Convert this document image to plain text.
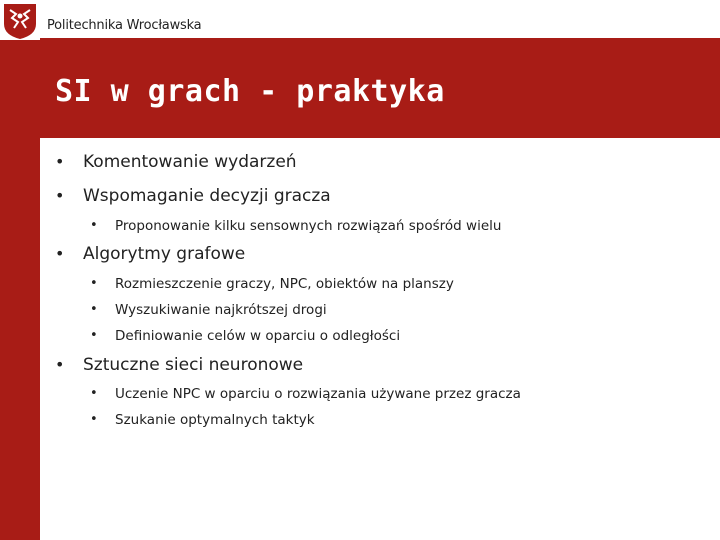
Politechnika Wrocławska
SI w grach - praktyka
• Komentowanie wydarzeń
• Wspomaganie decyzji gracza
• Proponowanie kilku sensownych rozwiązań spośród wielu
• Algorytmy grafowe
• Rozmieszczenie graczy, NPC, obiektów na planszy
• Wyszukiwanie najkrótszej drogi
• Definiowanie celów w oparciu o odległości
• Sztuczne sieci neuronowe
• Uczenie NPC w oparciu o rozwiązania używane przez gracza
• Szukanie optymalnych taktyk
